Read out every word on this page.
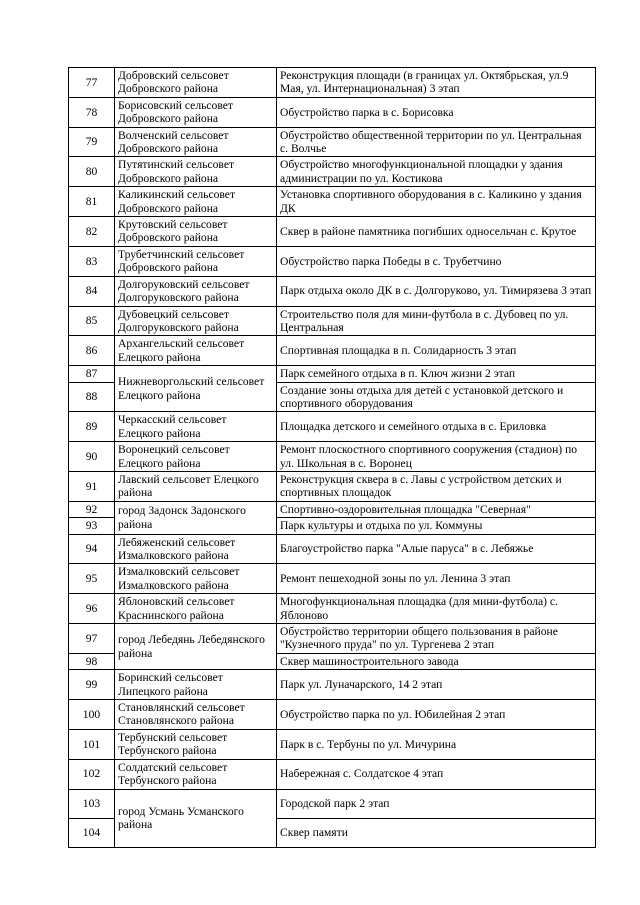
77	Добровский сельсовет Добровского района	Реконструкция площади (в границах ул. Октябрьская, ул.9 Мая, ул. Интернациональная) 3 этап
78	Борисовский сельсовет Добровского района	Обустройство парка в с. Борисовка
79	Волченский сельсовет Добровского района	Обустройство общественной территории по ул. Центральная с. Волчье
80	Путятинский сельсовет Добровского района	Обустройство многофункциональной площадки у здания администрации по ул. Костикова
81	Каликинский сельсовет Добровского района	Установка спортивного оборудования в с. Каликино у здания ДК
82	Крутовский сельсовет Добровского района	Сквер в районе памятника погибших односельчан с. Крутое
83	Трубетчинский сельсовет Добровского района	Обустройство парка Победы в с. Трубетчино
84	Долгоруковский сельсовет Долгоруковского района	Парк отдыха около ДК в с. Долгоруково, ул. Тимирязева 3 этап
85	Дубовецкий сельсовет Долгоруковского района	Строительство поля для мини-футбола в с. Дубовец по ул. Центральная
86	Архангельский сельсовет Елецкого района	Спортивная площадка в п. Солидарность 3 этап
87	Нижневоргольский сельсовет Елецкого района	Парк семейного отдыха в п. Ключ жизни 2 этап
88		Создание зоны отдыха для детей с установкой детского и спортивного оборудования
89	Черкасский сельсовет Елецкого района	Площадка детского и семейного отдыха в с. Ериловка
90	Воронецкий сельсовет Елецкого района	Ремонт плоскостного спортивного сооружения (стадион) по ул. Школьная в с. Воронец
91	Лавский сельсовет Елецкого района	Реконструкция сквера в с. Лавы с устройством детских и спортивных площадок
92	город Задонск Задонского района	Спортивно-оздоровительная площадка "Северная"
93		Парк культуры и отдыха по ул. Коммуны
94	Лебяженский сельсовет Измалковского района	Благоустройство парка "Алые паруса" в с. Лебяжье
95	Измалковский сельсовет Измалковского района	Ремонт пешеходной зоны по ул. Ленина 3 этап
96	Яблоновский сельсовет Краснинского района	Многофункциональная площадка (для мини-футбола) с. Яблоново
97	город Лебедянь Лебедянского района	Обустройство территории общего пользования в районе "Кузнечного пруда" по ул. Тургенева 2 этап
98		Сквер машиностроительного завода
99	Боринский сельсовет Липецкого района	Парк ул. Луначарского, 14 2 этап
100	Становлянский сельсовет Становлянского района	Обустройство парка по ул. Юбилейная 2 этап
101	Тербунский сельсовет Тербунского района	Парк в с. Тербуны по ул. Мичурина
102	Солдатский сельсовет Тербунского района	Набережная с. Солдатское 4 этап
103	город Усмань Усманского района	Городской парк 2 этап
104		Сквер памяти
